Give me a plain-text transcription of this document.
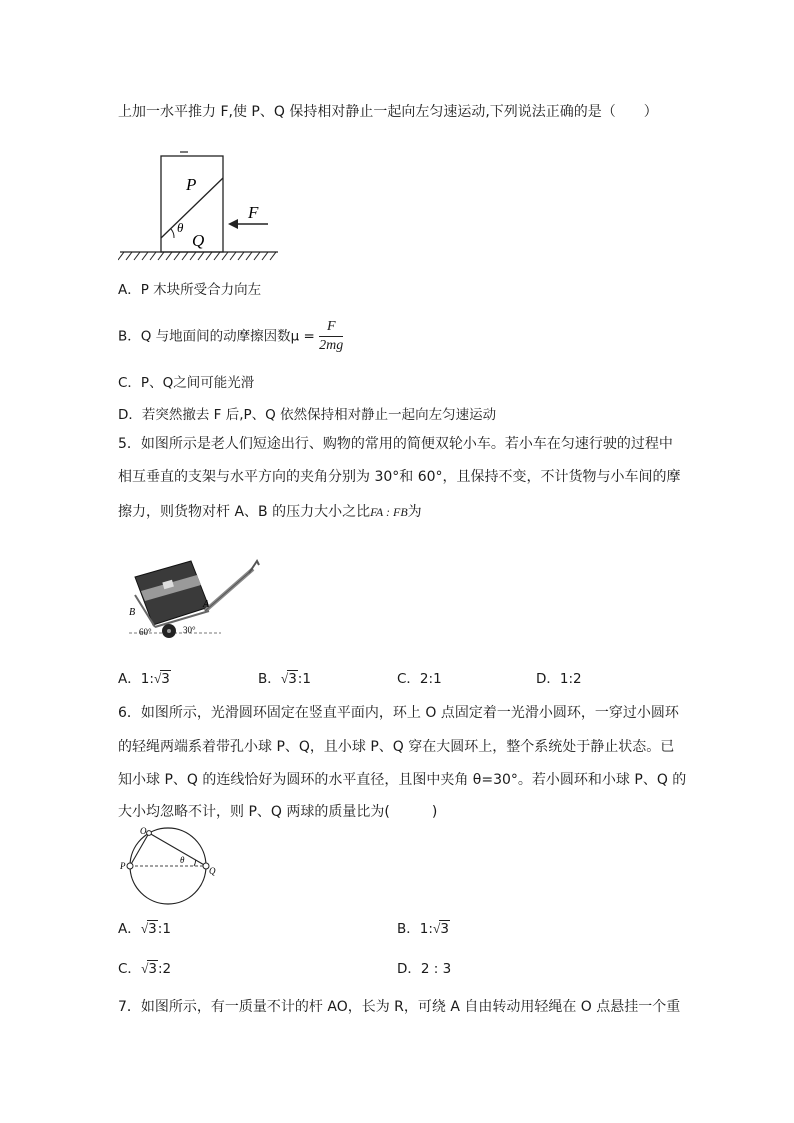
上加一水平推力 F,使 P、Q 保持相对静止一起向左匀速运动,下列说法正确的是（　　）
P
θ
Q
F
A．P 木块所受合力向左
B．Q 与地面间的动摩擦因数$\mu = \frac{F}{2mg}$
C．P、Q之间可能光滑
D．若突然撤去 F 后,P、Q 依然保持相对静止一起向左匀速运动
5．如图所示是老人们短途出行、购物的常用的简便双轮小车。若小车在匀速行驶的过程中
相互垂直的支架与水平方向的夹角分别为 30°和 60°，且保持不变，不计货物与小车间的摩
擦力，则货物对杆 A、B 的压力大小之比FA : FB为
A
B
60°	30°
A．1:√3	B．√3:1	C．2:1	D．1:2
6．如图所示，光滑圆环固定在竖直平面内，环上 O 点固定着一光滑小圆环，一穿过小圆环
的轻绳两端系着带孔小球 P、Q，且小球 P、Q 穿在大圆环上，整个系统处于静止状态。已
知小球 P、Q 的连线恰好为圆环的水平直径，且图中夹角 θ=30°。若小圆环和小球 P、Q 的
大小均忽略不计，则 P、Q 两球的质量比为(　　　)
O
P	Q
θ
A．√3:1	B．1:√3
C．√3:2	D．2 : 3
7．如图所示，有一质量不计的杆 AO，长为 R，可绕 A 自由转动用轻绳在 O 点悬挂一个重
